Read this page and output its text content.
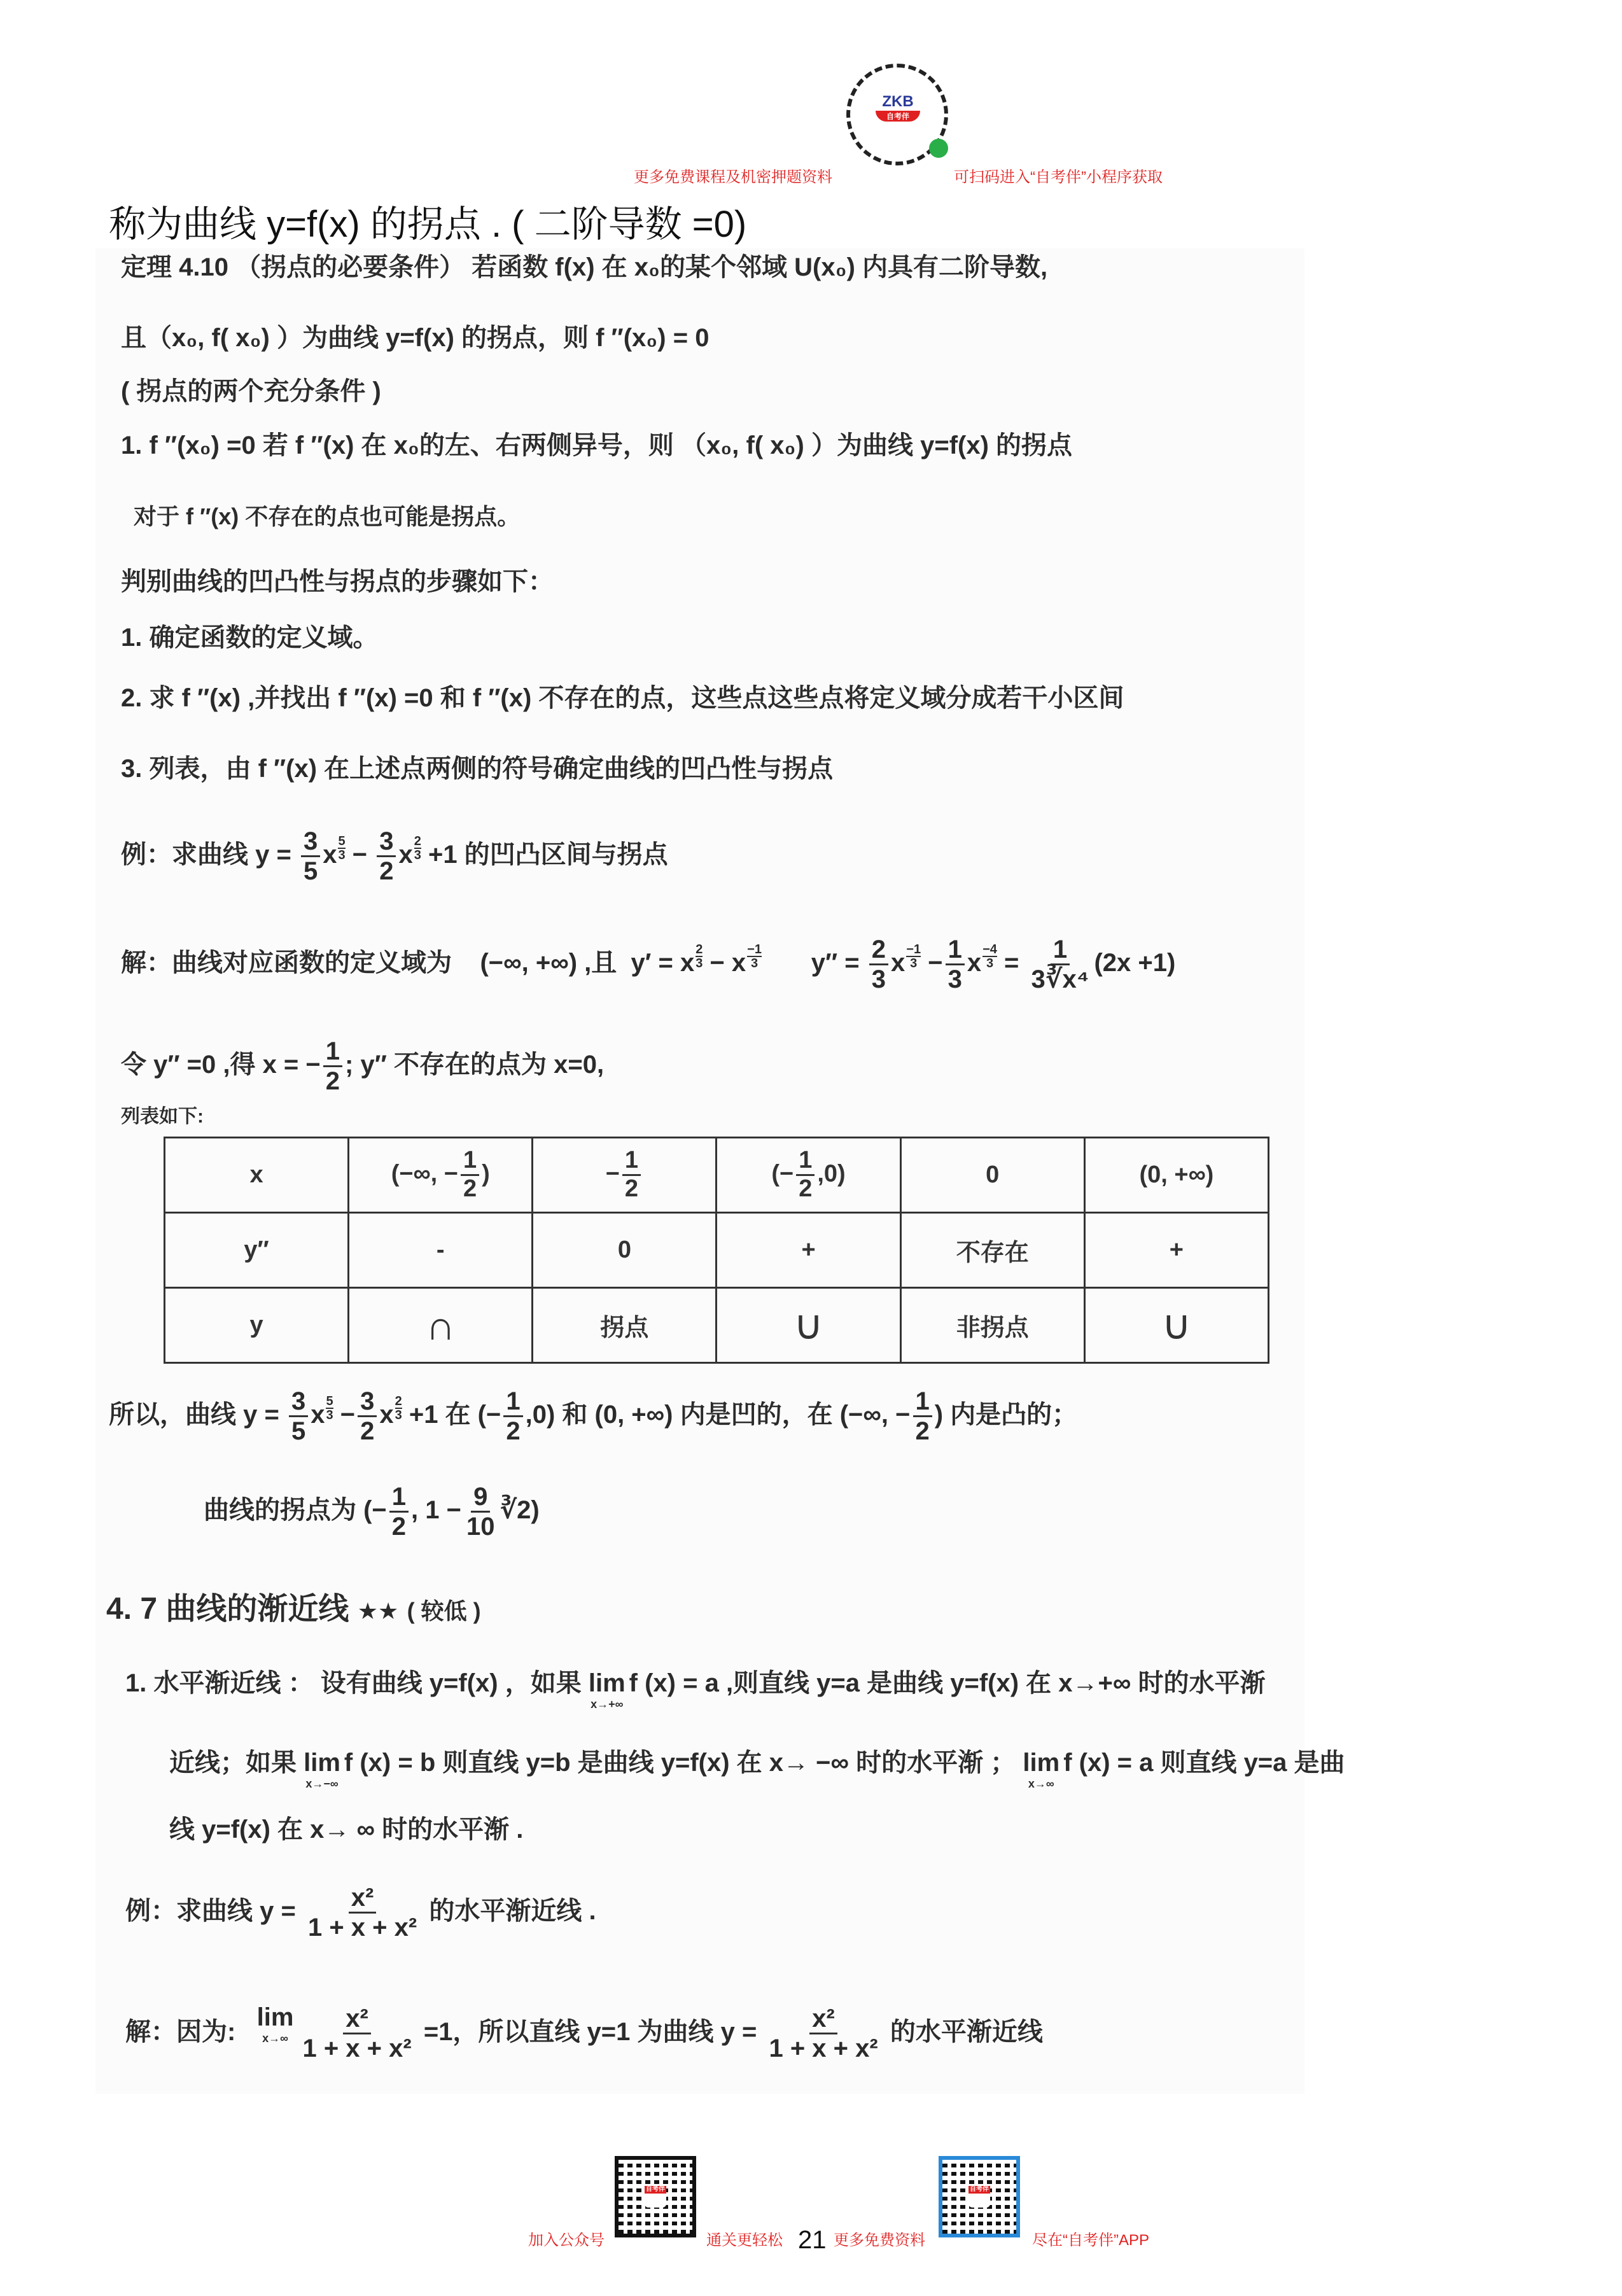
ZKB
自考伴
更多免费课程及机密押题资料	可扫码进入“自考伴”小程序获取
称为曲线 y=f(x) 的拐点 . ( 二阶导数 =0)
定理 4.10 （拐点的必要条件） 若函数 f(x) 在 x₀的某个邻域 U(x₀) 内具有二阶导数,
且（x₀, f( x₀) ）为曲线 y=f(x) 的拐点，则 f ″(x₀) = 0
( 拐点的两个充分条件 )
1. f ″(x₀) =0 若 f ″(x) 在 x₀的左、右两侧异号，则 （x₀, f( x₀) ）为曲线 y=f(x) 的拐点
对于 f ″(x) 不存在的点也可能是拐点。
判别曲线的凹凸性与拐点的步骤如下：
1. 确定函数的定义域。
2. 求 f ″(x) ,并找出 f ″(x) =0 和 f ″(x) 不存在的点，这些点这些点将定义域分成若干小区间
3. 列表，由 f ″(x) 在上述点两侧的符号确定曲线的凹凸性与拐点
例：求曲线 $y = \frac{3}{5}$ x $\frac{5}{3} - \frac{3}{2}$ x $\frac{2}{3} +1$ 的凹凸区间与拐点
解：曲线对应函数的定义域为 (−∞, +∞) ,且 y′ = x $\frac{2}{3} - x \frac{-1}{3} y'' = \frac{2}{3}$ x $\frac{-1}{3} - \frac{1}{3}$ x $\frac{-4}{3} = \frac{1}{\text{3∛x⁴}} (2x +1)$
令 y″ =0 ,得 x = − $\frac{1}{2}$ ; y″ 不存在的点为 x=0,
列表如下:
x	(−∞, − $\frac{1}{2}$ )	− $\frac{1}{2}$	(− $\frac{1}{2} ,0$)	0	(0, +∞)
y″	-	0	+	不存在	+
y	∩	拐点	∪	非拐点	∪
所以，曲线 $y = \frac{3}{5}$ x $\frac{5}{3} - \frac{3}{2}$ x $\frac{2}{3} +1$ 在 (− $\frac{1}{2} ,0$) 和 (0, +∞) 内是凹的，在 (−∞, − $\frac{1}{2}$ ) 内是凸的；
曲线的拐点为 (− $\frac{1}{2}$ , $1 - \frac{9}{10}$ ∛2)
4. 7 曲线的渐近线 ★★ ( 较低 )
1. 水平渐近线 ： 设有曲线 y=f(x) ，如果 lim
x→+∞
f (x) = a ,则直线 y=a 是曲线 y=f(x) 在 x→+∞ 时的水平渐
近线；如果 lim
x→−∞
f (x) = b 则直线 y=b 是曲线 y=f(x) 在 x→ −∞ 时的水平渐 ； lim
x→∞
f (x) = a 则直线 y=a 是曲
线 y=f(x) 在 x→ ∞ 时的水平渐 .
例：求曲线 $y = \frac{\text{x²}}{\text{1 + x + x²}}$ 的水平渐近线 .
解：因为:
lim
$x\to\infty \frac{\text{x²}}{\text{1 + x + x²}} =1$，所以直线 y=1 为曲线 $y = \frac{\text{x²}}{\text{1 + x + x²}}$ 的水平渐近线
加入公众号
自考伴
通关更轻松 21 更多免费资料
自考伴
尽在“自考伴”APP
